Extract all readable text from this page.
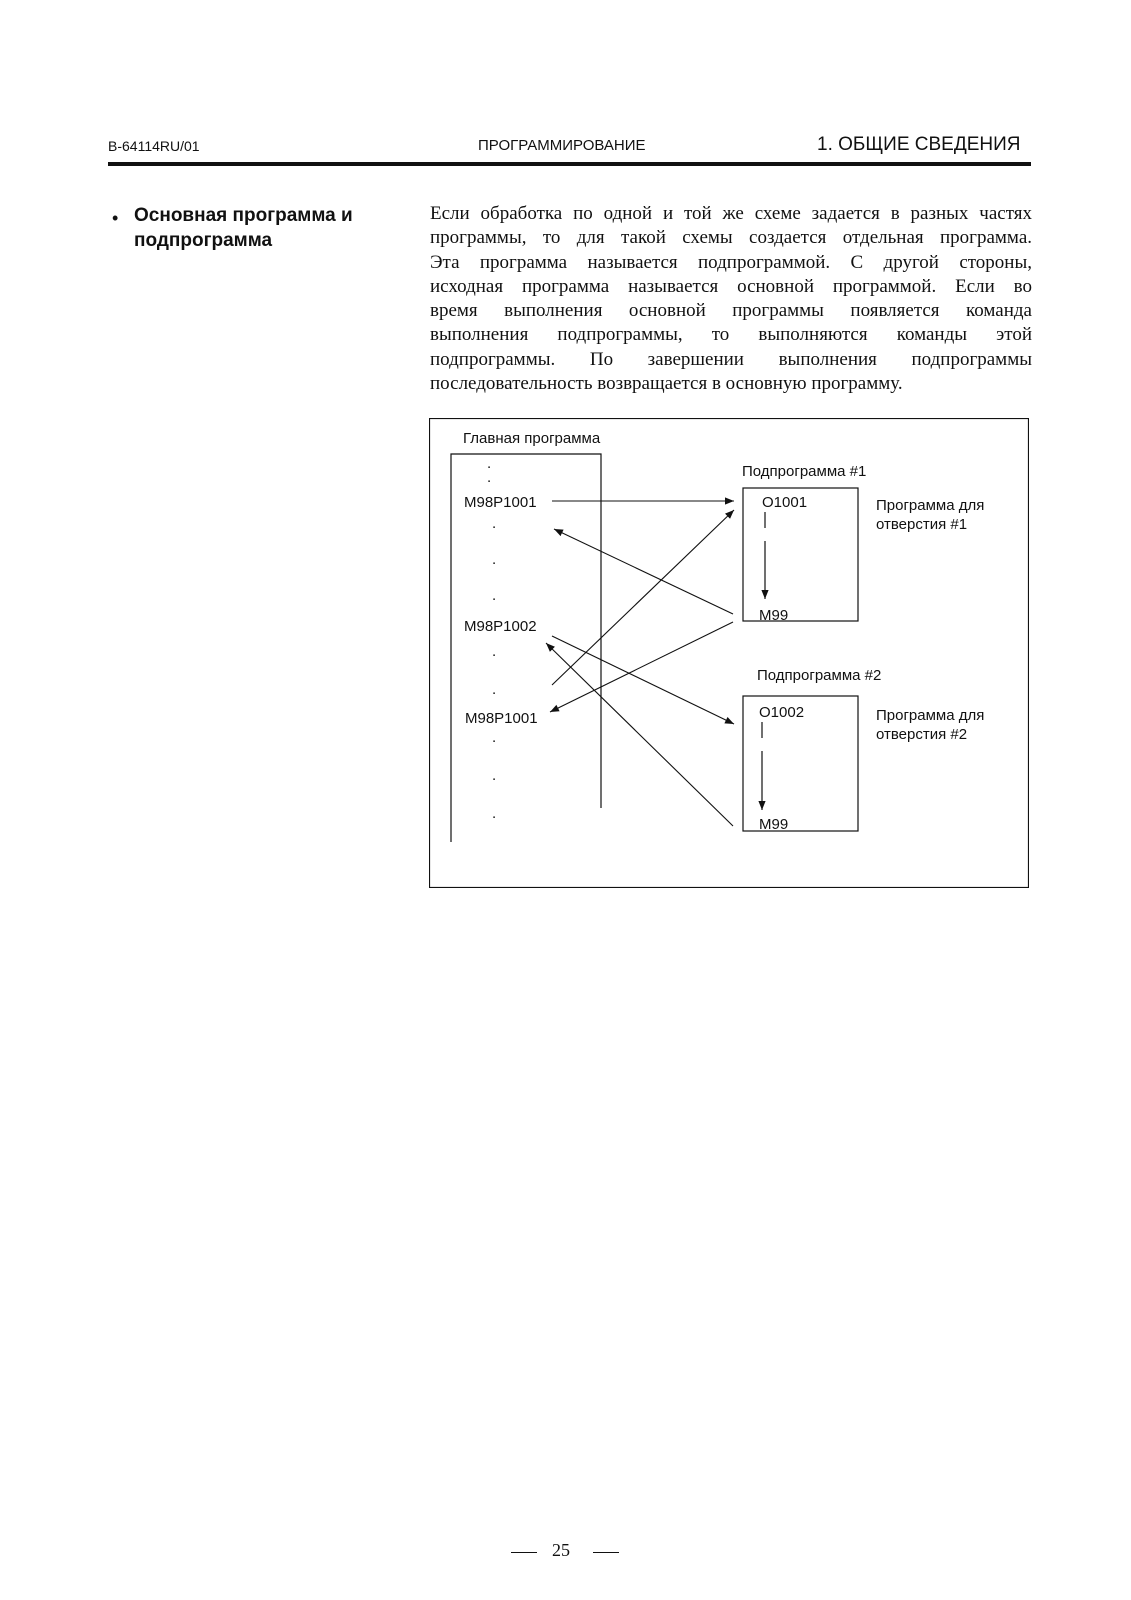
B-64114RU/01	ПРОГРАММИРОВАНИЕ	1. ОБЩИЕ СВЕДЕНИЯ
• Основная программа и подпрограмма
Если обработка по одной и той же схеме задается в разных частях
программы, то для такой схемы создается отдельная программа.
Эта программа называется подпрограммой. С другой стороны,
исходная программа называется основной программой. Если во
время выполнения основной программы появляется команда
выполнения подпрограммы, то выполняются команды этой
подпрограммы. По завершении выполнения подпрограммы
последовательность возвращается в основную программу.
Главная программа
.
.
.
.
.
.
.
.
.
.
M98P1001
M98P1002
M98P1001
Подпрограмма #1
O1001
M99
Программа для
отверстия #1
Подпрограмма #2
O1002
M99
Программа для
отверстия #2
25
